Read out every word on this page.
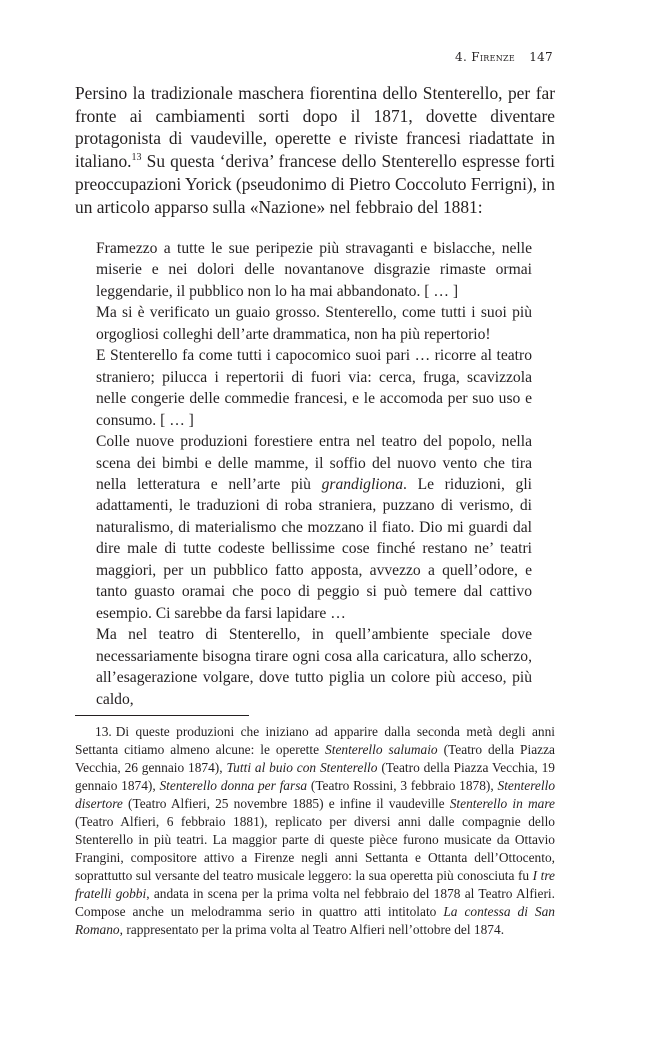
4. Firenze 147

Persino la tradizionale maschera fiorentina dello Stenterello, per far fronte ai cambiamenti sorti dopo il 1871, dovette diventare protagonista di vaudeville, operette e riviste francesi riadattate in italiano.$^{13}$ Su questa ‘deriva’ francese dello Stenterello espresse forti preoccupazioni Yorick (pseudonimo di Pietro Coccoluto Ferrigni), in un articolo apparso sulla «Nazione» nel febbraio del 1881:

Framezzo a tutte le sue peripezie più stravaganti e bislacche, nelle miserie e nei dolori delle novantanove disgrazie rimaste ormai leggendarie, il pubblico non lo ha mai abbandonato. [ … ]

Ma si è verificato un guaio grosso. Stenterello, come tutti i suoi più orgogliosi colleghi dell’arte drammatica, non ha più repertorio!

E Stenterello fa come tutti i capocomico suoi pari … ricorre al teatro straniero; pilucca i repertorii di fuori via: cerca, fruga, scavizzola nelle congerie delle commedie francesi, e le accomoda per suo uso e consumo. [ … ]

Colle nuove produzioni forestiere entra nel teatro del popolo, nella scena dei bimbi e delle mamme, il soffio del nuovo vento che tira nella letteratura e nell’arte più grandigliona. Le riduzioni, gli adattamenti, le traduzioni di roba straniera, puzzano di verismo, di naturalismo, di materialismo che mozzano il fiato. Dio mi guardi dal dire male di tutte codeste bellissime cose finché restano ne’ teatri maggiori, per un pubblico fatto apposta, avvezzo a quell’odore, e tanto guasto oramai che poco di peggio si può temere dal cattivo esempio. Ci sarebbe da farsi lapidare …

Ma nel teatro di Stenterello, in quell’ambiente speciale dove necessariamente bisogna tirare ogni cosa alla caricatura, allo scherzo, all’esagerazione volgare, dove tutto piglia un colore più acceso, più caldo,

13. Di queste produzioni che iniziano ad apparire dalla seconda metà degli anni Settanta citiamo almeno alcune: le operette Stenterello salumaio (Teatro della Piazza Vecchia, 26 gennaio 1874), Tutti al buio con Stenterello (Teatro della Piazza Vecchia, 19 gennaio 1874), Stenterello donna per farsa (Teatro Rossini, 3 febbraio 1878), Stenterello disertore (Teatro Alfieri, 25 novembre 1885) e infine il vaudeville Stenterello in mare (Teatro Alfieri, 6 febbraio 1881), replicato per diversi anni dalle compagnie dello Stenterello in più teatri. La maggior parte di queste pièce furono musicate da Ottavio Frangini, compositore attivo a Firenze negli anni Settanta e Ottanta dell’Ottocento, soprattutto sul versante del teatro musicale leggero: la sua operetta più conosciuta fu I tre fratelli gobbi, andata in scena per la prima volta nel febbraio del 1878 al Teatro Alfieri. Compose anche un melodramma serio in quattro atti intitolato La contessa di San Romano, rappresentato per la prima volta al Teatro Alfieri nell’ottobre del 1874.
